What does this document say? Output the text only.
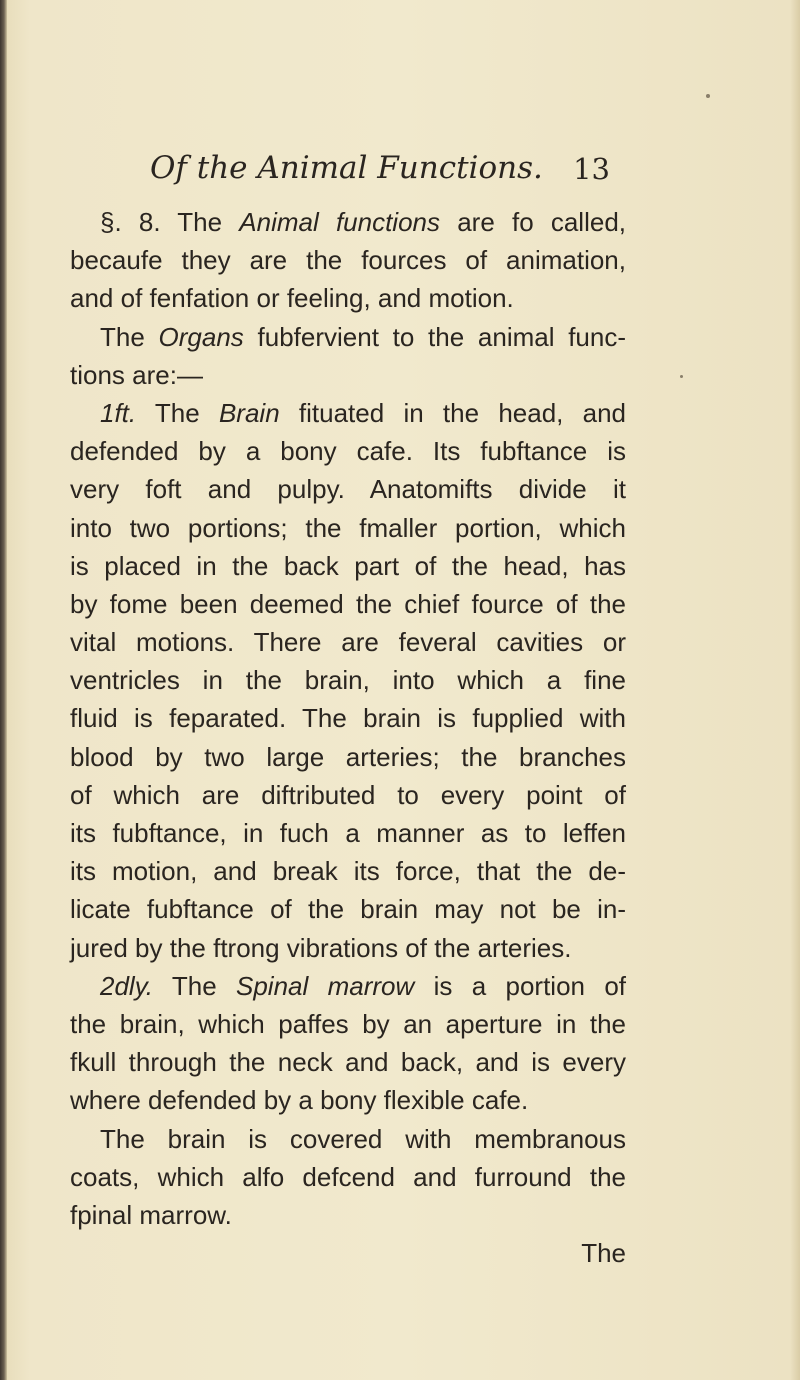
Of the Animal Functions. 13
§. 8. The Animal functions are fo called,
becaufe they are the fources of animation,
and of fenfation or feeling, and motion.
The Organs fubfervient to the animal func-
tions are:—
1ft. The Brain fituated in the head, and
defended by a bony cafe. Its fubftance is
very foft and pulpy. Anatomifts divide it
into two portions; the fmaller portion, which
is placed in the back part of the head, has
by fome been deemed the chief fource of the
vital motions. There are feveral cavities or
ventricles in the brain, into which a fine
fluid is feparated. The brain is fupplied with
blood by two large arteries; the branches
of which are diftributed to every point of
its fubftance, in fuch a manner as to leffen
its motion, and break its force, that the de-
licate fubftance of the brain may not be in-
jured by the ftrong vibrations of the arteries.
2dly. The Spinal marrow is a portion of
the brain, which paffes by an aperture in the
fkull through the neck and back, and is every
where defended by a bony flexible cafe.
The brain is covered with membranous
coats, which alfo defcend and furround the
fpinal marrow.
The
